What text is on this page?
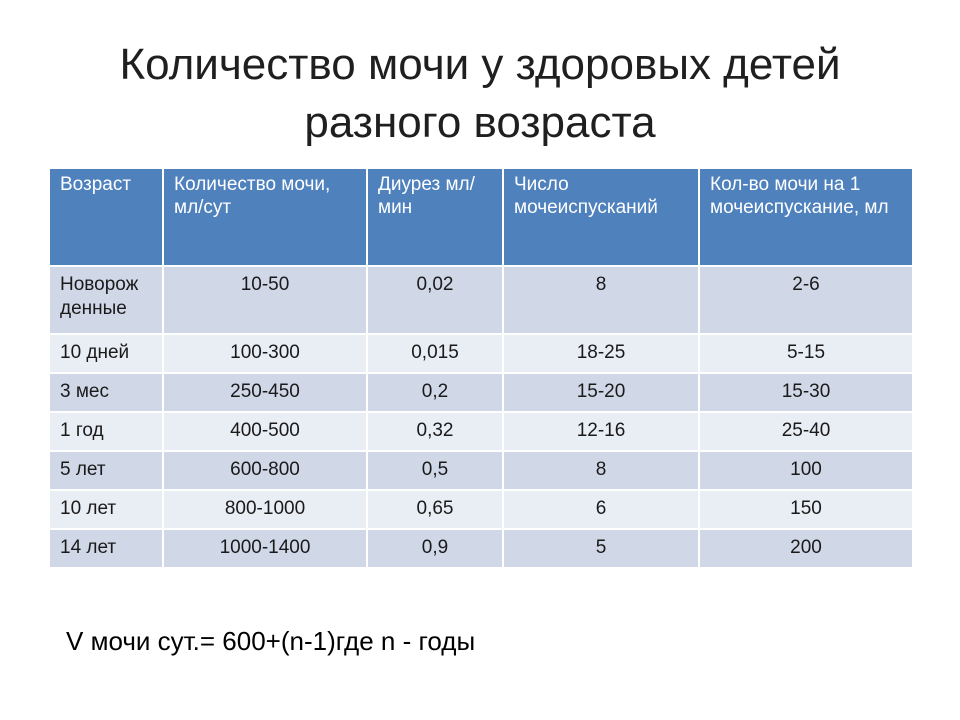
Количество мочи у здоровых детей
разного возраста
Возраст	Количество мочи, мл/сут	Диурез мл/мин	Число мочеиспусканий	Кол-во мочи на 1 мочеиспускание, мл

Новорожденные	10-50	0,02	8	2-6
10 дней	100-300	0,015	18-25	5-15
3 мес	250-450	0,2	15-20	15-30
1 год	400-500	0,32	12-16	25-40
5 лет	600-800	0,5	8	100
10 лет	800-1000	0,65	6	150
14 лет	1000-1400	0,9	5	200
V мочи сут.= 600+(n-1)где n - годы
